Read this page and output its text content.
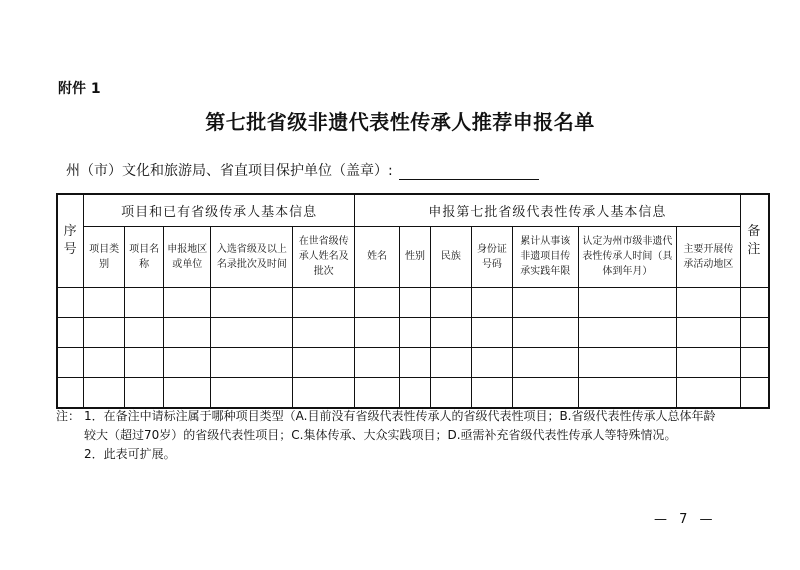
附件 1
第七批省级非遗代表性传承人推荐申报名单
州（市）文化和旅游局、省直项目保护单位（盖章）:
序号	项目和已有省级传承人基本信息					申报第七批省级代表性传承人基本信息							备注

	项目类别	项目名称	申报地区或单位	入选省级及以上名录批次及时间	在世省级传承人姓名及批次	姓名	性别	民族	身份证号码	累计从事该非遗项目传承实践年限	认定为州市级非遗代表性传承人时间（具体到年月）	主要开展传承活动地区	

注： 1．在备注中请标注属于哪种项目类型（A.目前没有省级代表性传承人的省级代表性项目；B.省级代表性传承人总体年龄较大（超过70岁）的省级代表性项目；C.集体传承、大众实践项目；D.亟需补充省级代表性传承人等特殊情况。
2．此表可扩展。
— 7 —
